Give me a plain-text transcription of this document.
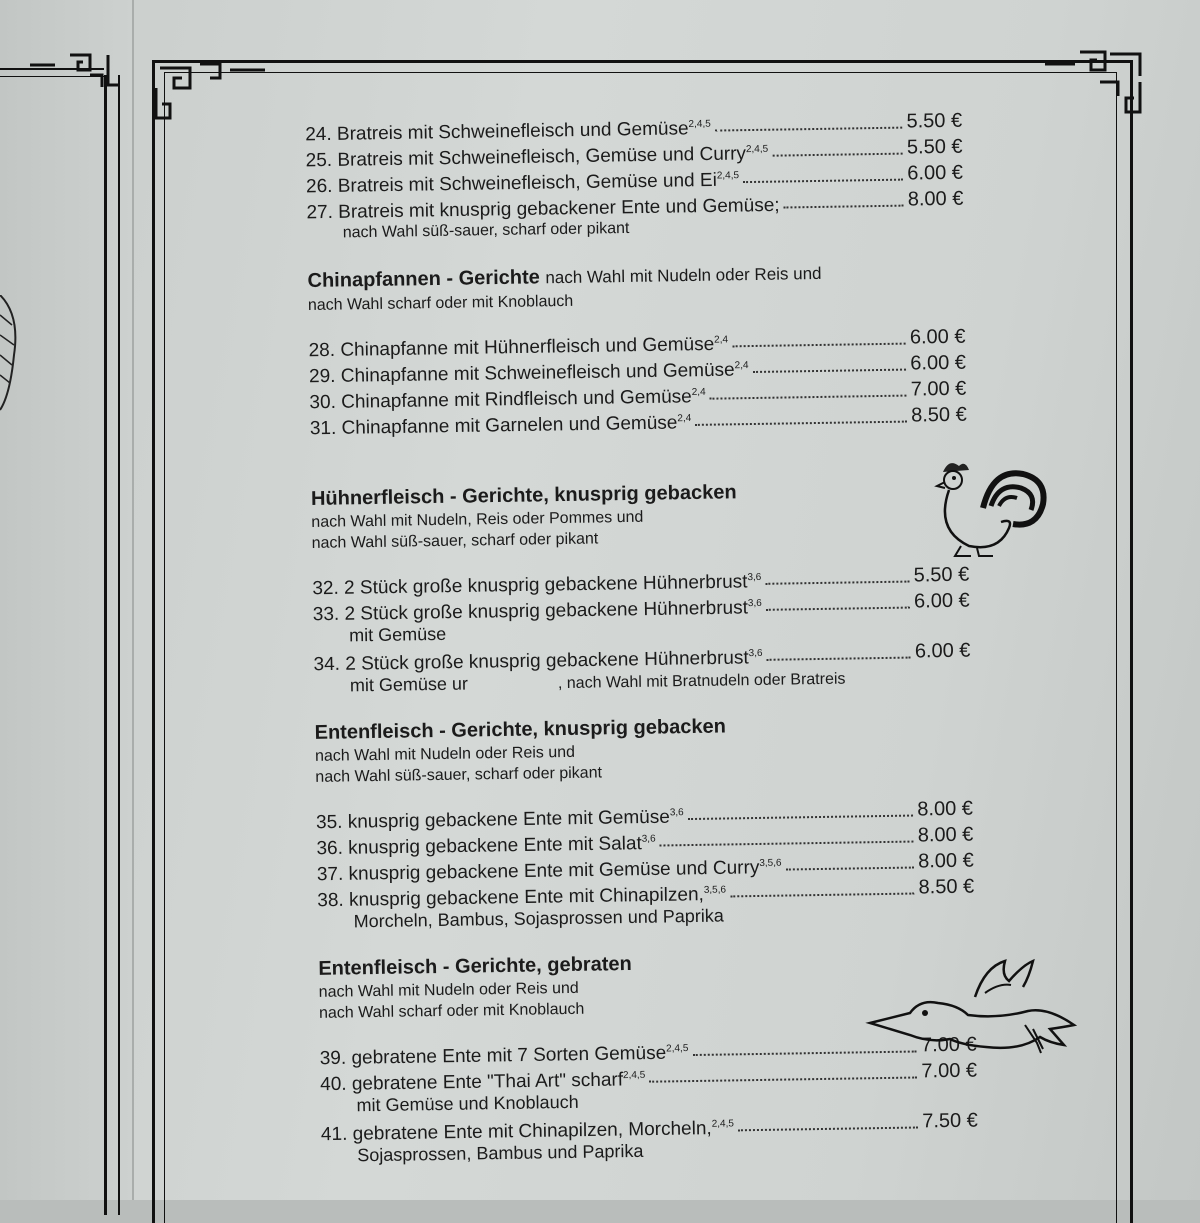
24. Bratreis mit Schweinefleisch und Gemüse$^{2,4,5}$	5.50 €
25. Bratreis mit Schweinefleisch, Gemüse und Curry$^{2,4,5}$	5.50 €
26. Bratreis mit Schweinefleisch, Gemüse und Ei$^{2,4,5}$	6.00 €
27. Bratreis mit knusprig gebackener Ente und Gemüse;	8.00 €
nach Wahl süß-sauer, scharf oder pikant
Chinapfannen - Gerichte nach Wahl mit Nudeln oder Reis und
nach Wahl scharf oder mit Knoblauch
28. Chinapfanne mit Hühnerfleisch und Gemüse$^{2,4}$	6.00 €
29. Chinapfanne mit Schweinefleisch und Gemüse$^{2,4}$	6.00 €
30. Chinapfanne mit Rindfleisch und Gemüse$^{2,4}$	7.00 €
31. Chinapfanne mit Garnelen und Gemüse$^{2,4}$	8.50 €
Hühnerfleisch - Gerichte, knusprig gebacken
nach Wahl mit Nudeln, Reis oder Pommes und
nach Wahl süß-sauer, scharf oder pikant
32. 2 Stück große knusprig gebackene Hühnerbrust$^{3,6}$	5.50 €
33. 2 Stück große knusprig gebackene Hühnerbrust$^{3,6}$	6.00 €
mit Gemüse
34. 2 Stück große knusprig gebackene Hühnerbrust$^{3,6}$	6.00 €
mit Gemüse ur	, nach Wahl mit Bratnudeln oder Bratreis
Entenfleisch - Gerichte, knusprig gebacken
nach Wahl mit Nudeln oder Reis und
nach Wahl süß-sauer, scharf oder pikant
35. knusprig gebackene Ente mit Gemüse$^{3,6}$	8.00 €
36. knusprig gebackene Ente mit Salat$^{3,6}$	8.00 €
37. knusprig gebackene Ente mit Gemüse und Curry$^{3,5,6}$	8.00 €
38. knusprig gebackene Ente mit Chinapilzen,$^{3,5,6}$	8.50 €
Morcheln, Bambus, Sojasprossen und Paprika
Entenfleisch - Gerichte, gebraten
nach Wahl mit Nudeln oder Reis und
nach Wahl scharf oder mit Knoblauch
39. gebratene Ente mit 7 Sorten Gemüse$^{2,4,5}$	7.00 €
40. gebratene Ente "Thai Art" scharf$^{2,4,5}$	7.00 €
mit Gemüse und Knoblauch
41. gebratene Ente mit Chinapilzen, Morcheln,$^{2,4,5}$	7.50 €
Sojasprossen, Bambus und Paprika
